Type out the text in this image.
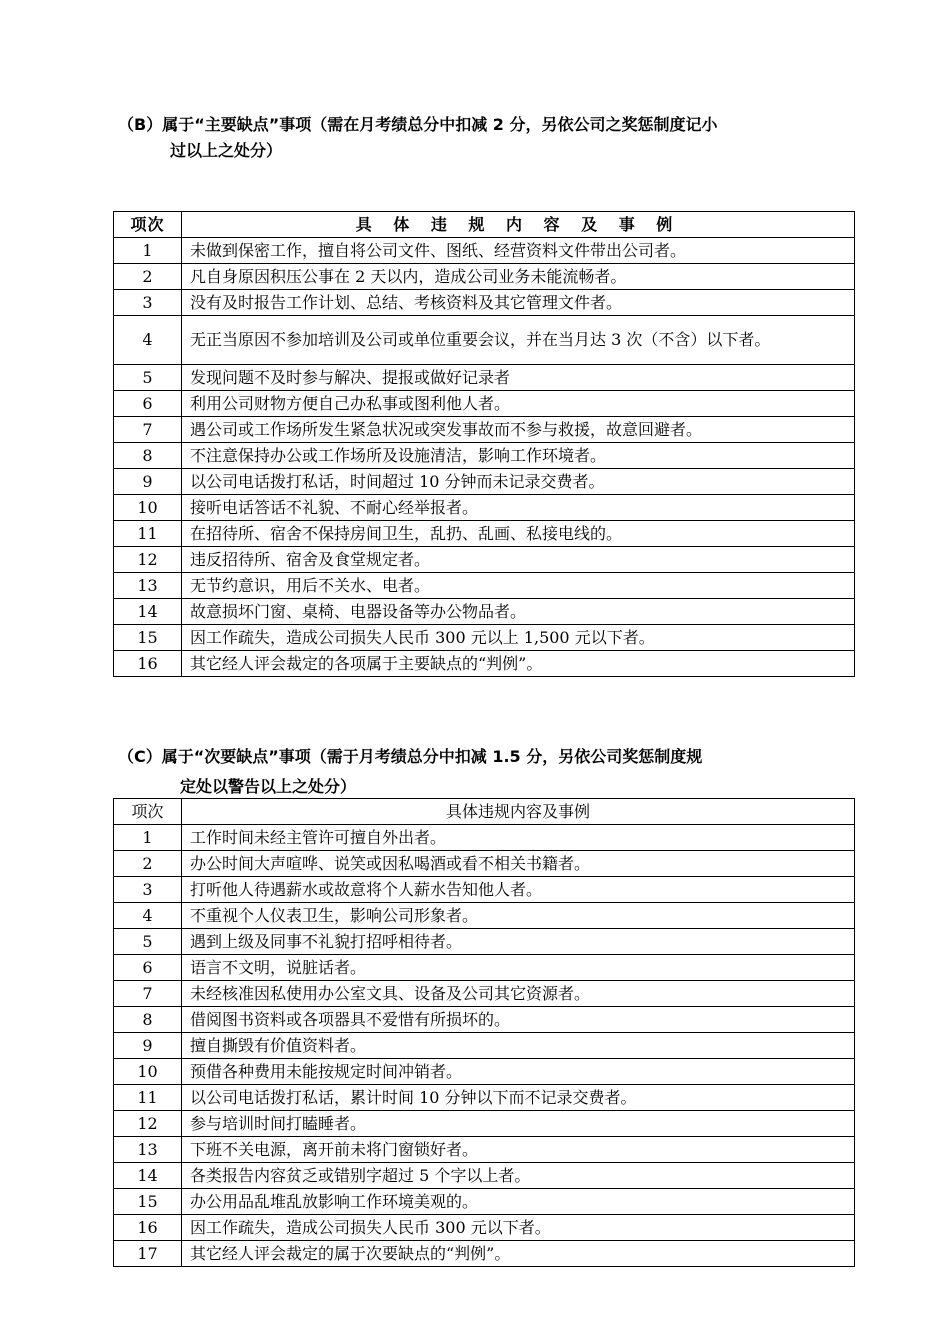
（B）属于“主要缺点”事项（需在月考绩总分中扣减 2 分，另依公司之奖惩制度记小
过以上之处分）
项次	具 体 违 规 内 容 及 事 例
1	未做到保密工作，擅自将公司文件、图纸、经营资料文件带出公司者。
2	凡自身原因积压公事在 2 天以内，造成公司业务未能流畅者。
3	没有及时报告工作计划、总结、考核资料及其它管理文件者。
4	无正当原因不参加培训及公司或单位重要会议，并在当月达 3 次（不含）以下者。
5	发现问题不及时参与解决、提报或做好记录者
6	利用公司财物方便自己办私事或图利他人者。
7	遇公司或工作场所发生紧急状况或突发事故而不参与救援，故意回避者。
8	不注意保持办公或工作场所及设施清洁，影响工作环境者。
9	以公司电话拨打私话，时间超过 10 分钟而未记录交费者。
10	接听电话答话不礼貌、不耐心经举报者。
11	在招待所、宿舍不保持房间卫生，乱扔、乱画、私接电线的。
12	违反招待所、宿舍及食堂规定者。
13	无节约意识，用后不关水、电者。
14	故意损坏门窗、桌椅、电器设备等办公物品者。
15	因工作疏失，造成公司损失人民币 300 元以上 1,500 元以下者。
16	其它经人评会裁定的各项属于主要缺点的“判例”。
（C）属于“次要缺点”事项（需于月考绩总分中扣减 1.5 分，另依公司奖惩制度规
定处以警告以上之处分）
项次	具体违规内容及事例
1	工作时间未经主管许可擅自外出者。
2	办公时间大声喧哗、说笑或因私喝酒或看不相关书籍者。
3	打听他人待遇薪水或故意将个人薪水告知他人者。
4	不重视个人仪表卫生，影响公司形象者。
5	遇到上级及同事不礼貌打招呼相待者。
6	语言不文明，说脏话者。
7	未经核准因私使用办公室文具、设备及公司其它资源者。
8	借阅图书资料或各项器具不爱惜有所损坏的。
9	擅自撕毁有价值资料者。
10	预借各种费用未能按规定时间冲销者。
11	以公司电话拨打私话，累计时间 10 分钟以下而不记录交费者。
12	参与培训时间打瞌睡者。
13	下班不关电源，离开前未将门窗锁好者。
14	各类报告内容贫乏或错别字超过 5 个字以上者。
15	办公用品乱堆乱放影响工作环境美观的。
16	因工作疏失，造成公司损失人民币 300 元以下者。
17	其它经人评会裁定的属于次要缺点的“判例”。
